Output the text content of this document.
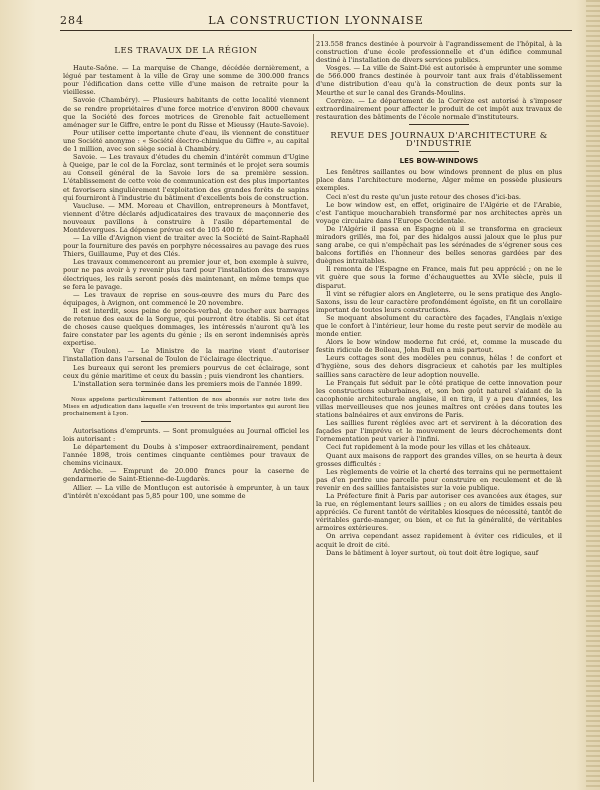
284	LA CONSTRUCTION LYONNAISE
LES TRAVAUX DE LA RÉGION

Haute-Saône. — La marquise de Change, décédée dernièrement, a légué par testament à la ville de Gray une somme de 300.000 francs pour l'édification dans cette ville d'une maison de retraite pour la vieillesse.

Savoie (Chambéry). — Plusieurs habitants de cette localité viennent de se rendre propriétaires d'une force motrice d'environ 8000 chevaux que la Société des forces motrices de Grenoble fait actuellement aménager sur le Giffre, entre le pont du Risse et Mieussy (Haute-Savoie).

Pour utiliser cette importante chute d'eau, ils viennent de constituer une Société anonyme : « Société électro-chimique du Giffre », au capital de 1 million, avec son siège social à Chambéry.

Savoie. — Les travaux d'études du chemin d'intérêt commun d'Ugine à Queige, par le col de la Forclaz, sont terminés et le projet sera soumis au Conseil général de la Savoie lors de sa première session. L'établissement de cette voie de communication est des plus importantes et favorisera singulièrement l'exploitation des grandes forêts de sapins qui fourniront à l'industrie du bâtiment d'excellents bois de construction.

Vaucluse. — MM. Moreau et Chavillon, entrepreneurs à Montfavet, viennent d'être déclarés adjudicataires des travaux de maçonnerie des nouveaux pavillons à construire à l'asile départemental de Montdevergues. La dépense prévue est de 105 400 fr.

— La ville d'Avignon vient de traiter avec la Société de Saint-Raphaël pour la fourniture des pavés en porphyre nécessaires au pavage des rues Thiers, Guillaume, Puy et des Clés.

Les travaux commenceront au premier jour et, bon exemple à suivre, pour ne pas avoir à y revenir plus tard pour l'installation des tramways électriques, les rails seront posés dès maintenant, en même temps que se fera le pavage.

— Les travaux de reprise en sous-œuvre des murs du Parc des équipages, à Avignon, ont commencé le 20 novembre.

Il est interdit, sous peine de procès-verbal, de toucher aux barrages de retenue des eaux de la Sorgue, qui pourront être établis. Si cet état de choses cause quelques dommages, les intéressés n'auront qu'à les faire constater par les agents du génie ; ils en seront indemnisés après expertise.

Var (Toulon). — Le Ministre de la marine vient d'autoriser l'installation dans l'arsenal de Toulon de l'éclairage électrique.

Les bureaux qui seront les premiers pourvus de cet éclairage, sont ceux du génie maritime et ceux du bassin ; puis viendront les chantiers.

L'installation sera terminée dans les premiers mois de l'année 1899.

Nous appelons particulièrement l'attention de nos abonnés sur notre liste des Mises en adjudication dans laquelle s'en trouvent de très importantes qui auront lieu prochainement à Lyon.

Autorisations d'emprunts. — Sont promulguées au Journal officiel les lois autorisant :

Le département du Doubs à s'imposer extraordinairement, pendant l'année 1898, trois centimes cinquante centièmes pour travaux de chemins vicinaux.

Ardèche. — Emprunt de 20.000 francs pour la caserne de gendarmerie de Saint-Etienne-de-Lugdarès.

Allier. — La ville de Montluçon est autorisée à emprunter, à un taux d'intérêt n'excédant pas 5,85 pour 100, une somme de

213.558 francs destinée à pourvoir à l'agrandissement de l'hôpital, à la construction d'une école professionnelle et d'un édifice communal destiné à l'installation de divers services publics.

Vosges. — La ville de Saint-Dié est autorisée à emprunter une somme de 566.000 francs destinée à pourvoir tant aux frais d'établissement d'une distribution d'eau qu'à la construction de deux ponts sur la Meurthe et sur le canal des Grands-Moulins.

Corrèze. — Le département de la Corrèze est autorisé à s'imposer extraordinairement pour affecter le produit de cet impôt aux travaux de restauration des bâtiments de l'école normale d'instituteurs.

REVUE DES JOURNAUX D'ARCHITECTURE & D'INDUSTRIE
LES BOW-WINDOWS

Les fenêtres saillantes ou bow windows prennent de plus en plus place dans l'architecture moderne, Alger même en possède plusieurs exemples.

Ceci n'est du reste qu'un juste retour des choses d'ici-bas.

Le bow window est, en effet, originaire de l'Algérie et de l'Arabie, c'est l'antique moucharabieh transformé par nos architectes après un voyage circulaire dans l'Europe Occidentale.

De l'Algérie il passa en Espagne où il se transforma en gracieux miradors grillés, ma foi, par des hidalgos aussi jaloux que le plus pur sang arabe, ce qui n'empêchait pas les sérénades de s'égrener sous ces balcons fortifiés en l'honneur des belles senoras gardées par des duègnes intraitables.

Il remonta de l'Espagne en France, mais fut peu apprécié ; on ne le vit guère que sous la forme d'échauguettes au XVIe siècle, puis il disparut.

Il vint se réfugier alors en Angleterre, ou le sens pratique des Anglo-Saxons, issu de leur caractère profondément égoïste, en fit un corollaire important de toutes leurs constructions.

Se moquant absolument du caractère des façades, l'Anglais n'exige que le confort à l'intérieur, leur home du reste peut servir de modèle au monde entier.

Alors le bow window moderne fut créé, et, comme la muscade du festin ridicule de Boileau, John Bull en a mis partout.

Leurs cottages sont des modèles peu connus, hélas ! de confort et d'hygiène, sous des dehors disgracieux et cahotés par les multiples saillies sans caractère de leur adoption nouvelle.

Le Français fut séduit par le côté pratique de cette innovation pour les constructions suburbaines, et, son bon goût naturel s'aidant de la cacophonie architecturale anglaise, il en tira, il y a peu d'années, les villas merveilleuses que nos jeunes maîtres ont créées dans toutes les stations balnéaires et aux environs de Paris.

Les saillies furent réglées avec art et servirent à la décoration des façades par l'imprévu et le mouvement de leurs décrochements dont l'ornementation peut varier à l'infini.

Ceci fut rapidement à la mode pour les villas et les châteaux.

Quant aux maisons de rapport des grandes villes, on se heurta à deux grosses difficultés :

Les règlements de voirie et la cherté des terrains qui ne permettaient pas d'en perdre une parcelle pour construire en reculement et de là revenir en des saillies fantaisistes sur la voie publique.

La Préfecture finit à Paris par autoriser ces avancées aux étages, sur la rue, en réglementant leurs saillies ; on eu alors de timides essais peu appréciés. Ce furent tantôt de véritables kiosques de nécessité, tantôt de véritables garde-manger, ou bien, et ce fut la généralité, de véritables armoires extérieures.

On arriva cependant assez rapidement à éviter ces ridicules, et il acquit le droit de cité.

Dans le bâtiment à loyer surtout, où tout doit être logique, sauf
